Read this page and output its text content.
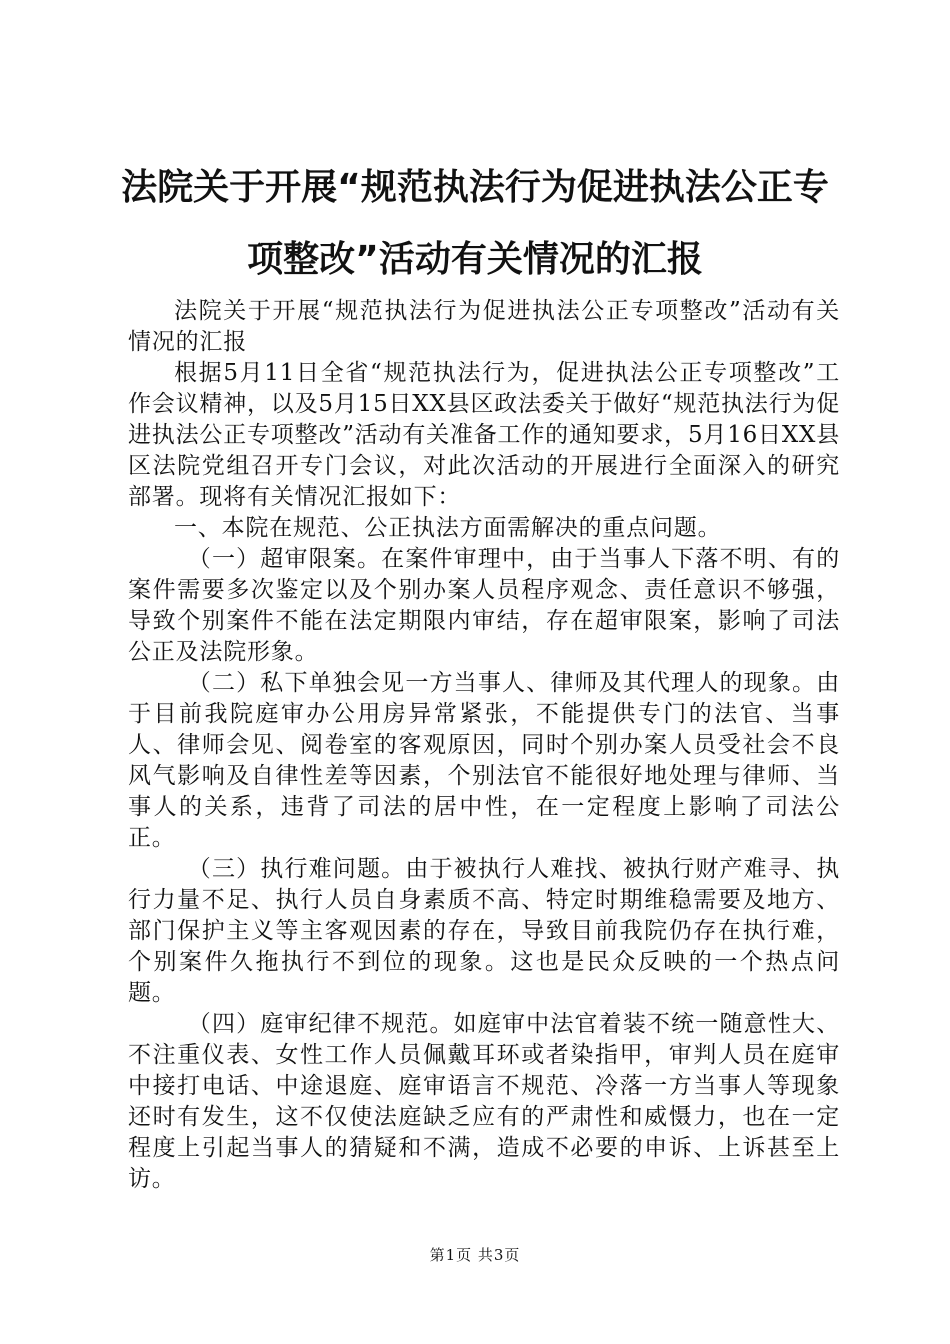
法院关于开展“规范执法行为促进执法公正专
项整改”活动有关情况的汇报

法院关于开展“规范执法行为促进执法公正专项整改”活动有关情况的汇报

根据5月11日全省“规范执法行为，促进执法公正专项整改”工作会议精神，以及5月15日XX县区政法委关于做好“规范执法行为促进执法公正专项整改”活动有关准备工作的通知要求，5月16日XX县区法院党组召开专门会议，对此次活动的开展进行全面深入的研究部署。现将有关情况汇报如下：

一、本院在规范、公正执法方面需解决的重点问题。

（一）超审限案。在案件审理中，由于当事人下落不明、有的案件需要多次鉴定以及个别办案人员程序观念、责任意识不够强，导致个别案件不能在法定期限内审结，存在超审限案，影响了司法公正及法院形象。

（二）私下单独会见一方当事人、律师及其代理人的现象。由于目前我院庭审办公用房异常紧张，不能提供专门的法官、当事人、律师会见、阅卷室的客观原因，同时个别办案人员受社会不良风气影响及自律性差等因素，个别法官不能很好地处理与律师、当事人的关系，违背了司法的居中性，在一定程度上影响了司法公正。

（三）执行难问题。由于被执行人难找、被执行财产难寻、执行力量不足、执行人员自身素质不高、特定时期维稳需要及地方、部门保护主义等主客观因素的存在，导致目前我院仍存在执行难，个别案件久拖执行不到位的现象。这也是民众反映的一个热点问题。

（四）庭审纪律不规范。如庭审中法官着装不统一随意性大、不注重仪表、女性工作人员佩戴耳环或者染指甲，审判人员在庭审中接打电话、中途退庭、庭审语言不规范、冷落一方当事人等现象还时有发生，这不仅使法庭缺乏应有的严肃性和威慑力，也在一定程度上引起当事人的猜疑和不满，造成不必要的申诉、上诉甚至上访。

第1页 共3页
